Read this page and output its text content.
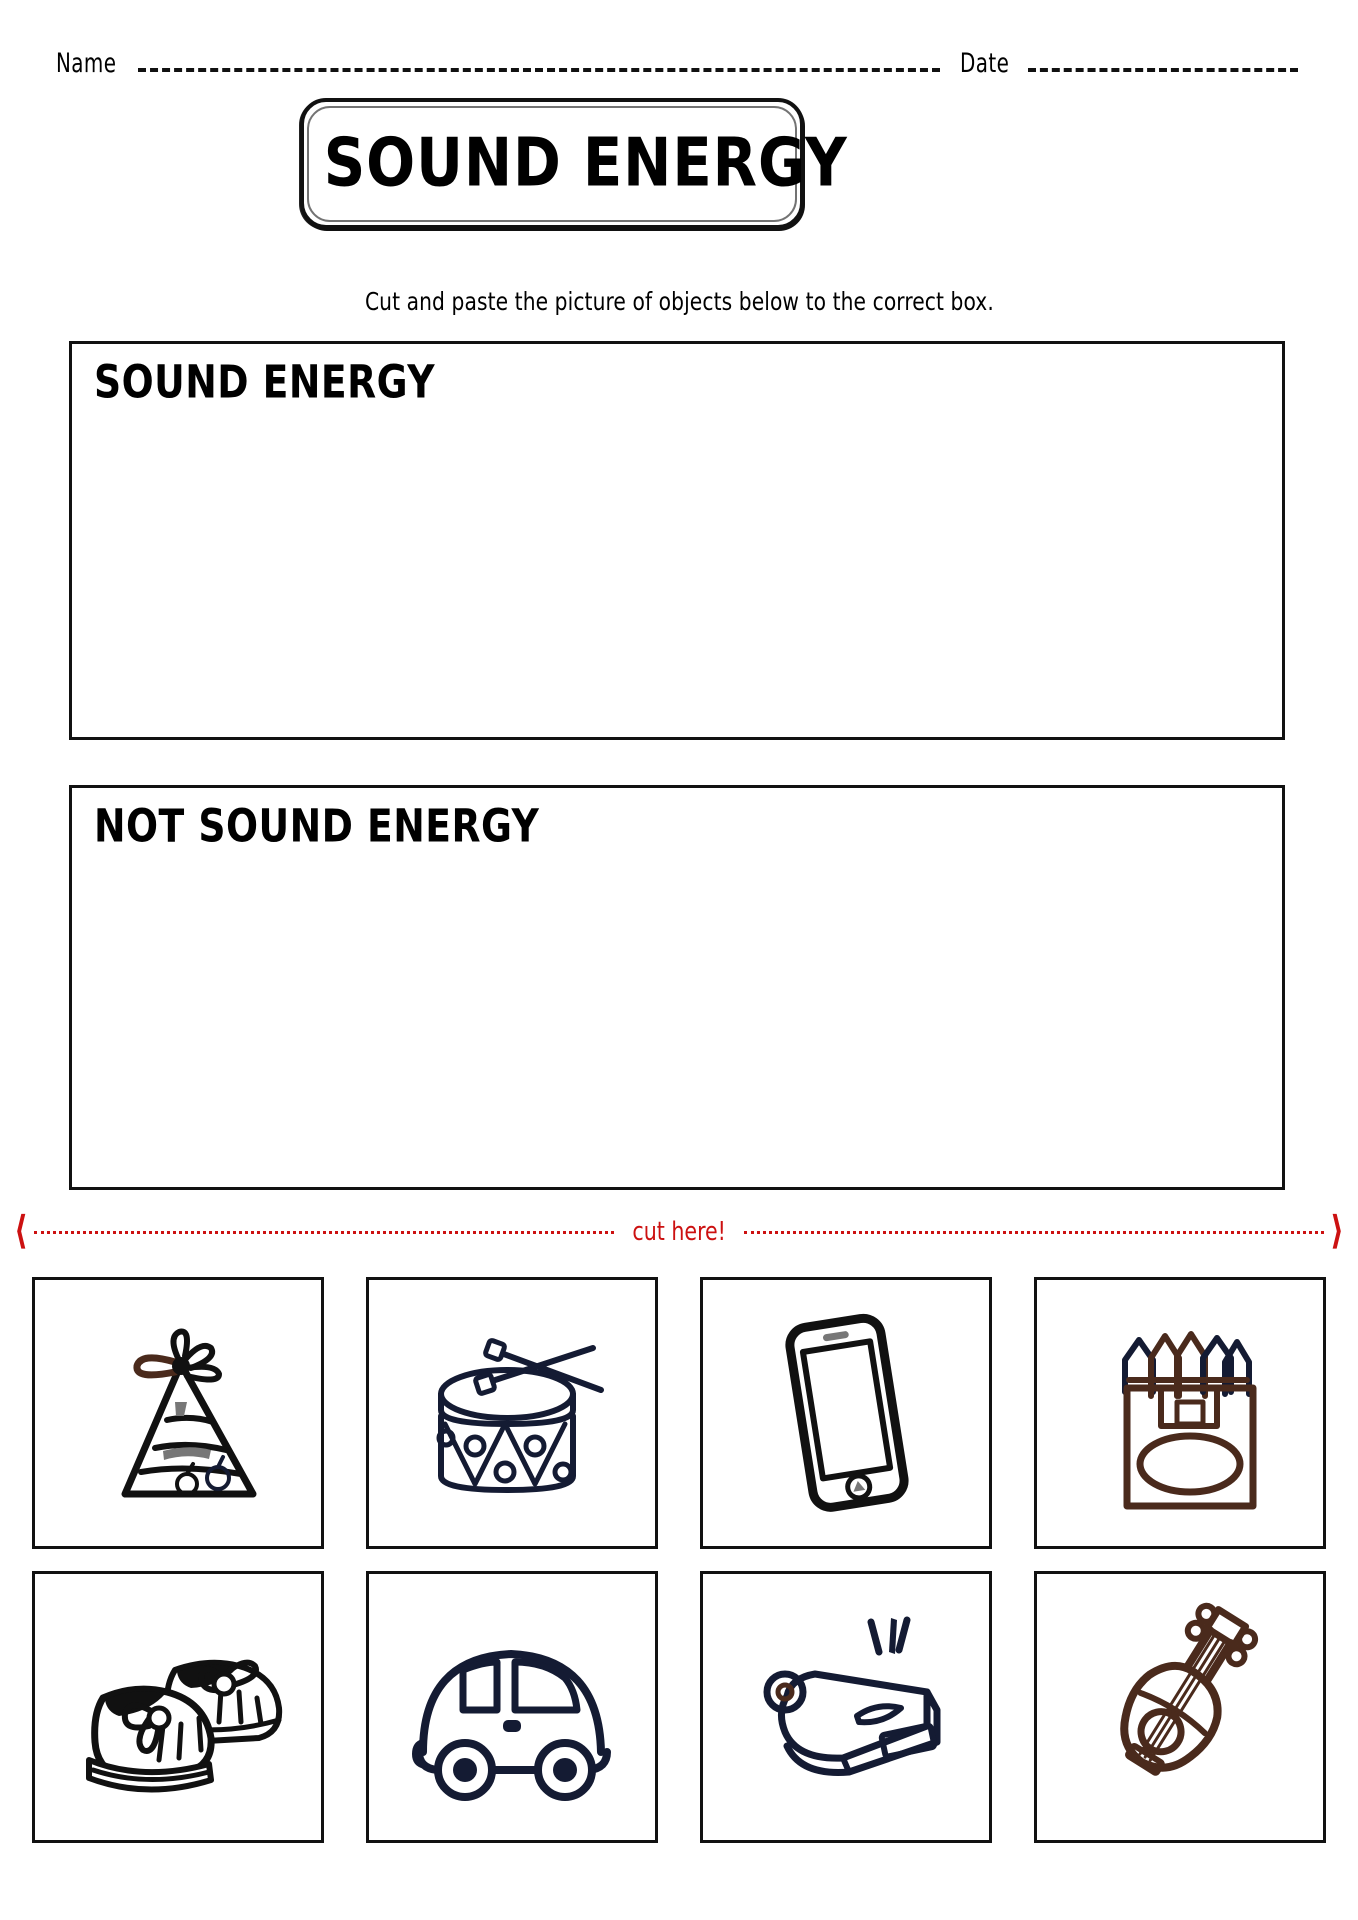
Name	Date
SOUND ENERGY
Cut and paste the picture of objects below to the correct box.
SOUND ENERGY
NOT SOUND ENERGY
⟨	cut here!	⟩
